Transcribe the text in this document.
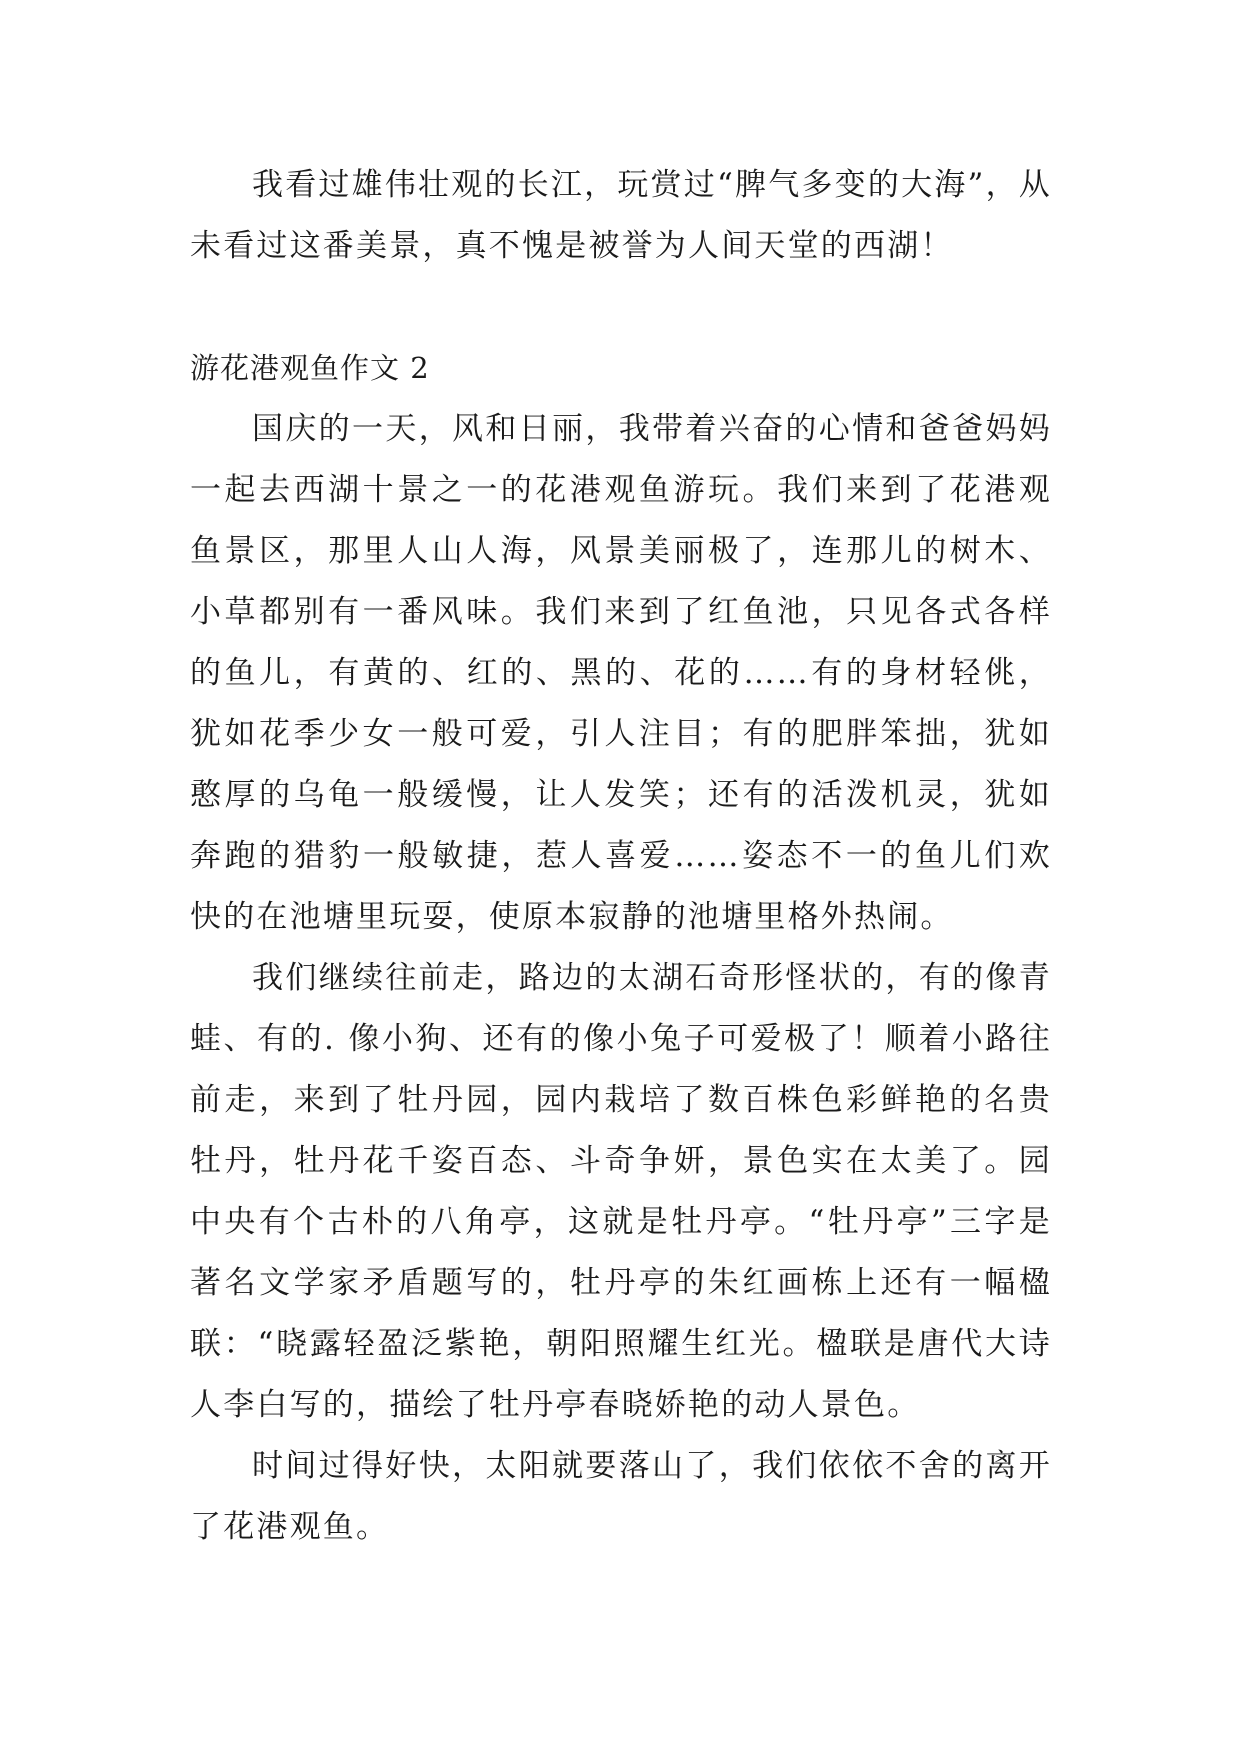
我看过雄伟壮观的长江，玩赏过“脾气多变的大海”，从未看过这番美景，真不愧是被誉为人间天堂的西湖！

游花港观鱼作文 2

国庆的一天，风和日丽，我带着兴奋的心情和爸爸妈妈一起去西湖十景之一的花港观鱼游玩。我们来到了花港观鱼景区，那里人山人海，风景美丽极了，连那儿的树木、小草都别有一番风味。我们来到了红鱼池，只见各式各样的鱼儿，有黄的、红的、黑的、花的……有的身材轻佻，犹如花季少女一般可爱，引人注目；有的肥胖笨拙，犹如憨厚的乌龟一般缓慢，让人发笑；还有的活泼机灵，犹如奔跑的猎豹一般敏捷，惹人喜爱……姿态不一的鱼儿们欢快的在池塘里玩耍，使原本寂静的池塘里格外热闹。

我们继续往前走，路边的太湖石奇形怪状的，有的像青蛙、有的. 像小狗、还有的像小兔子可爱极了！顺着小路往前走，来到了牡丹园，园内栽培了数百株色彩鲜艳的名贵牡丹，牡丹花千姿百态、斗奇争妍，景色实在太美了。园中央有个古朴的八角亭，这就是牡丹亭。“牡丹亭”三字是著名文学家矛盾题写的，牡丹亭的朱红画栋上还有一幅楹联：“晓露轻盈泛紫艳，朝阳照耀生红光。楹联是唐代大诗人李白写的，描绘了牡丹亭春晓娇艳的动人景色。

时间过得好快，太阳就要落山了，我们依依不舍的离开了花港观鱼。
